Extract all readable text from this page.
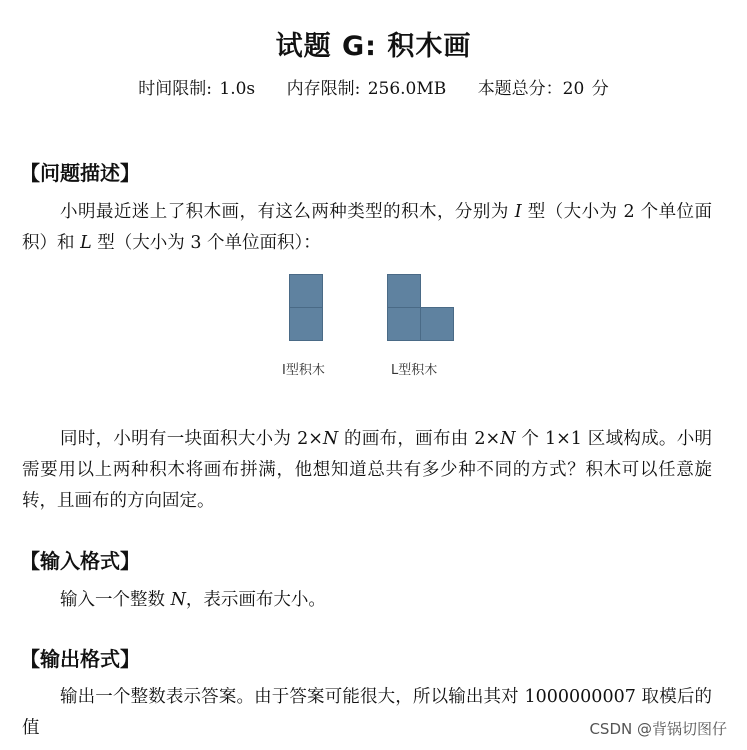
试题 G: 积木画
时间限制: 1.0s 内存限制: 256.0MB 本题总分：20 分
【问题描述】
小明最近迷上了积木画，有这么两种类型的积木，分别为 I 型（大小为 2 个单位面积）和 L 型（大小为 3 个单位面积）：
I型积木	L型积木
同时，小明有一块面积大小为 2×N 的画布，画布由 2×N 个 1×1 区域构成。小明需要用以上两种积木将画布拼满，他想知道总共有多少种不同的方式？积木可以任意旋转，且画布的方向固定。
【输入格式】
输入一个整数 N，表示画布大小。
【输出格式】
输出一个整数表示答案。由于答案可能很大，所以输出其对 1000000007 取模后的值	CSDN @背锅切图仔
